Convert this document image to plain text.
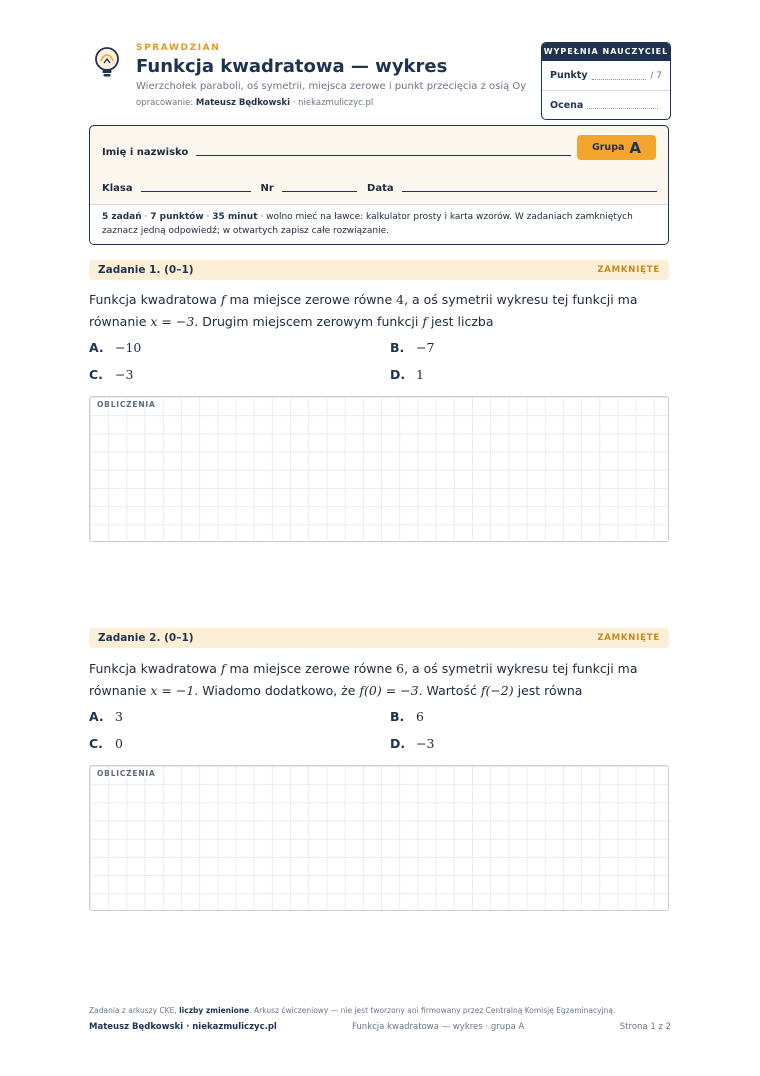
SPRAWDZIAN
Funkcja kwadratowa — wykres
Wierzchołek paraboli, oś symetrii, miejsca zerowe i punkt przecięcia z osią Oy
opracowanie: Mateusz Będkowski · niekazmuliczyc.pl
WYPEŁNIA NAUCZYCIEL
Punkty	/ 7
Ocena
Imię i nazwisko	Grupa A
Klasa	Nr	Data
5 zadań · 7 punktów · 35 minut · wolno mieć na ławce: kalkulator prosty i karta wzorów. W zadaniach zamkniętych zaznacz jedną odpowiedź; w otwartych zapisz całe rozwiązanie.
Zadanie 1. (0–1)	ZAMKNIĘTE
Funkcja kwadratowa f ma miejsce zerowe równe 4, a oś symetrii wykresu tej funkcji ma równanie x = −3. Drugim miejscem zerowym funkcji f jest liczba
A. −10	B. −7
C. −3	D. 1
OBLICZENIA
Zadanie 2. (0–1)	ZAMKNIĘTE
Funkcja kwadratowa f ma miejsce zerowe równe 6, a oś symetrii wykresu tej funkcji ma równanie x = −1. Wiadomo dodatkowo, że f(0) = −3. Wartość f(−2) jest równa
A. 3	B. 6
C. 0	D. −3
OBLICZENIA
Zadania z arkuszy CKE, liczby zmienione. Arkusz ćwiczeniowy — nie jest tworzony ani firmowany przez Centralną Komisję Egzaminacyjną.
Mateusz Będkowski · niekazmuliczyc.pl	Funkcja kwadratowa — wykres · grupa A	Strona 1 z 2
